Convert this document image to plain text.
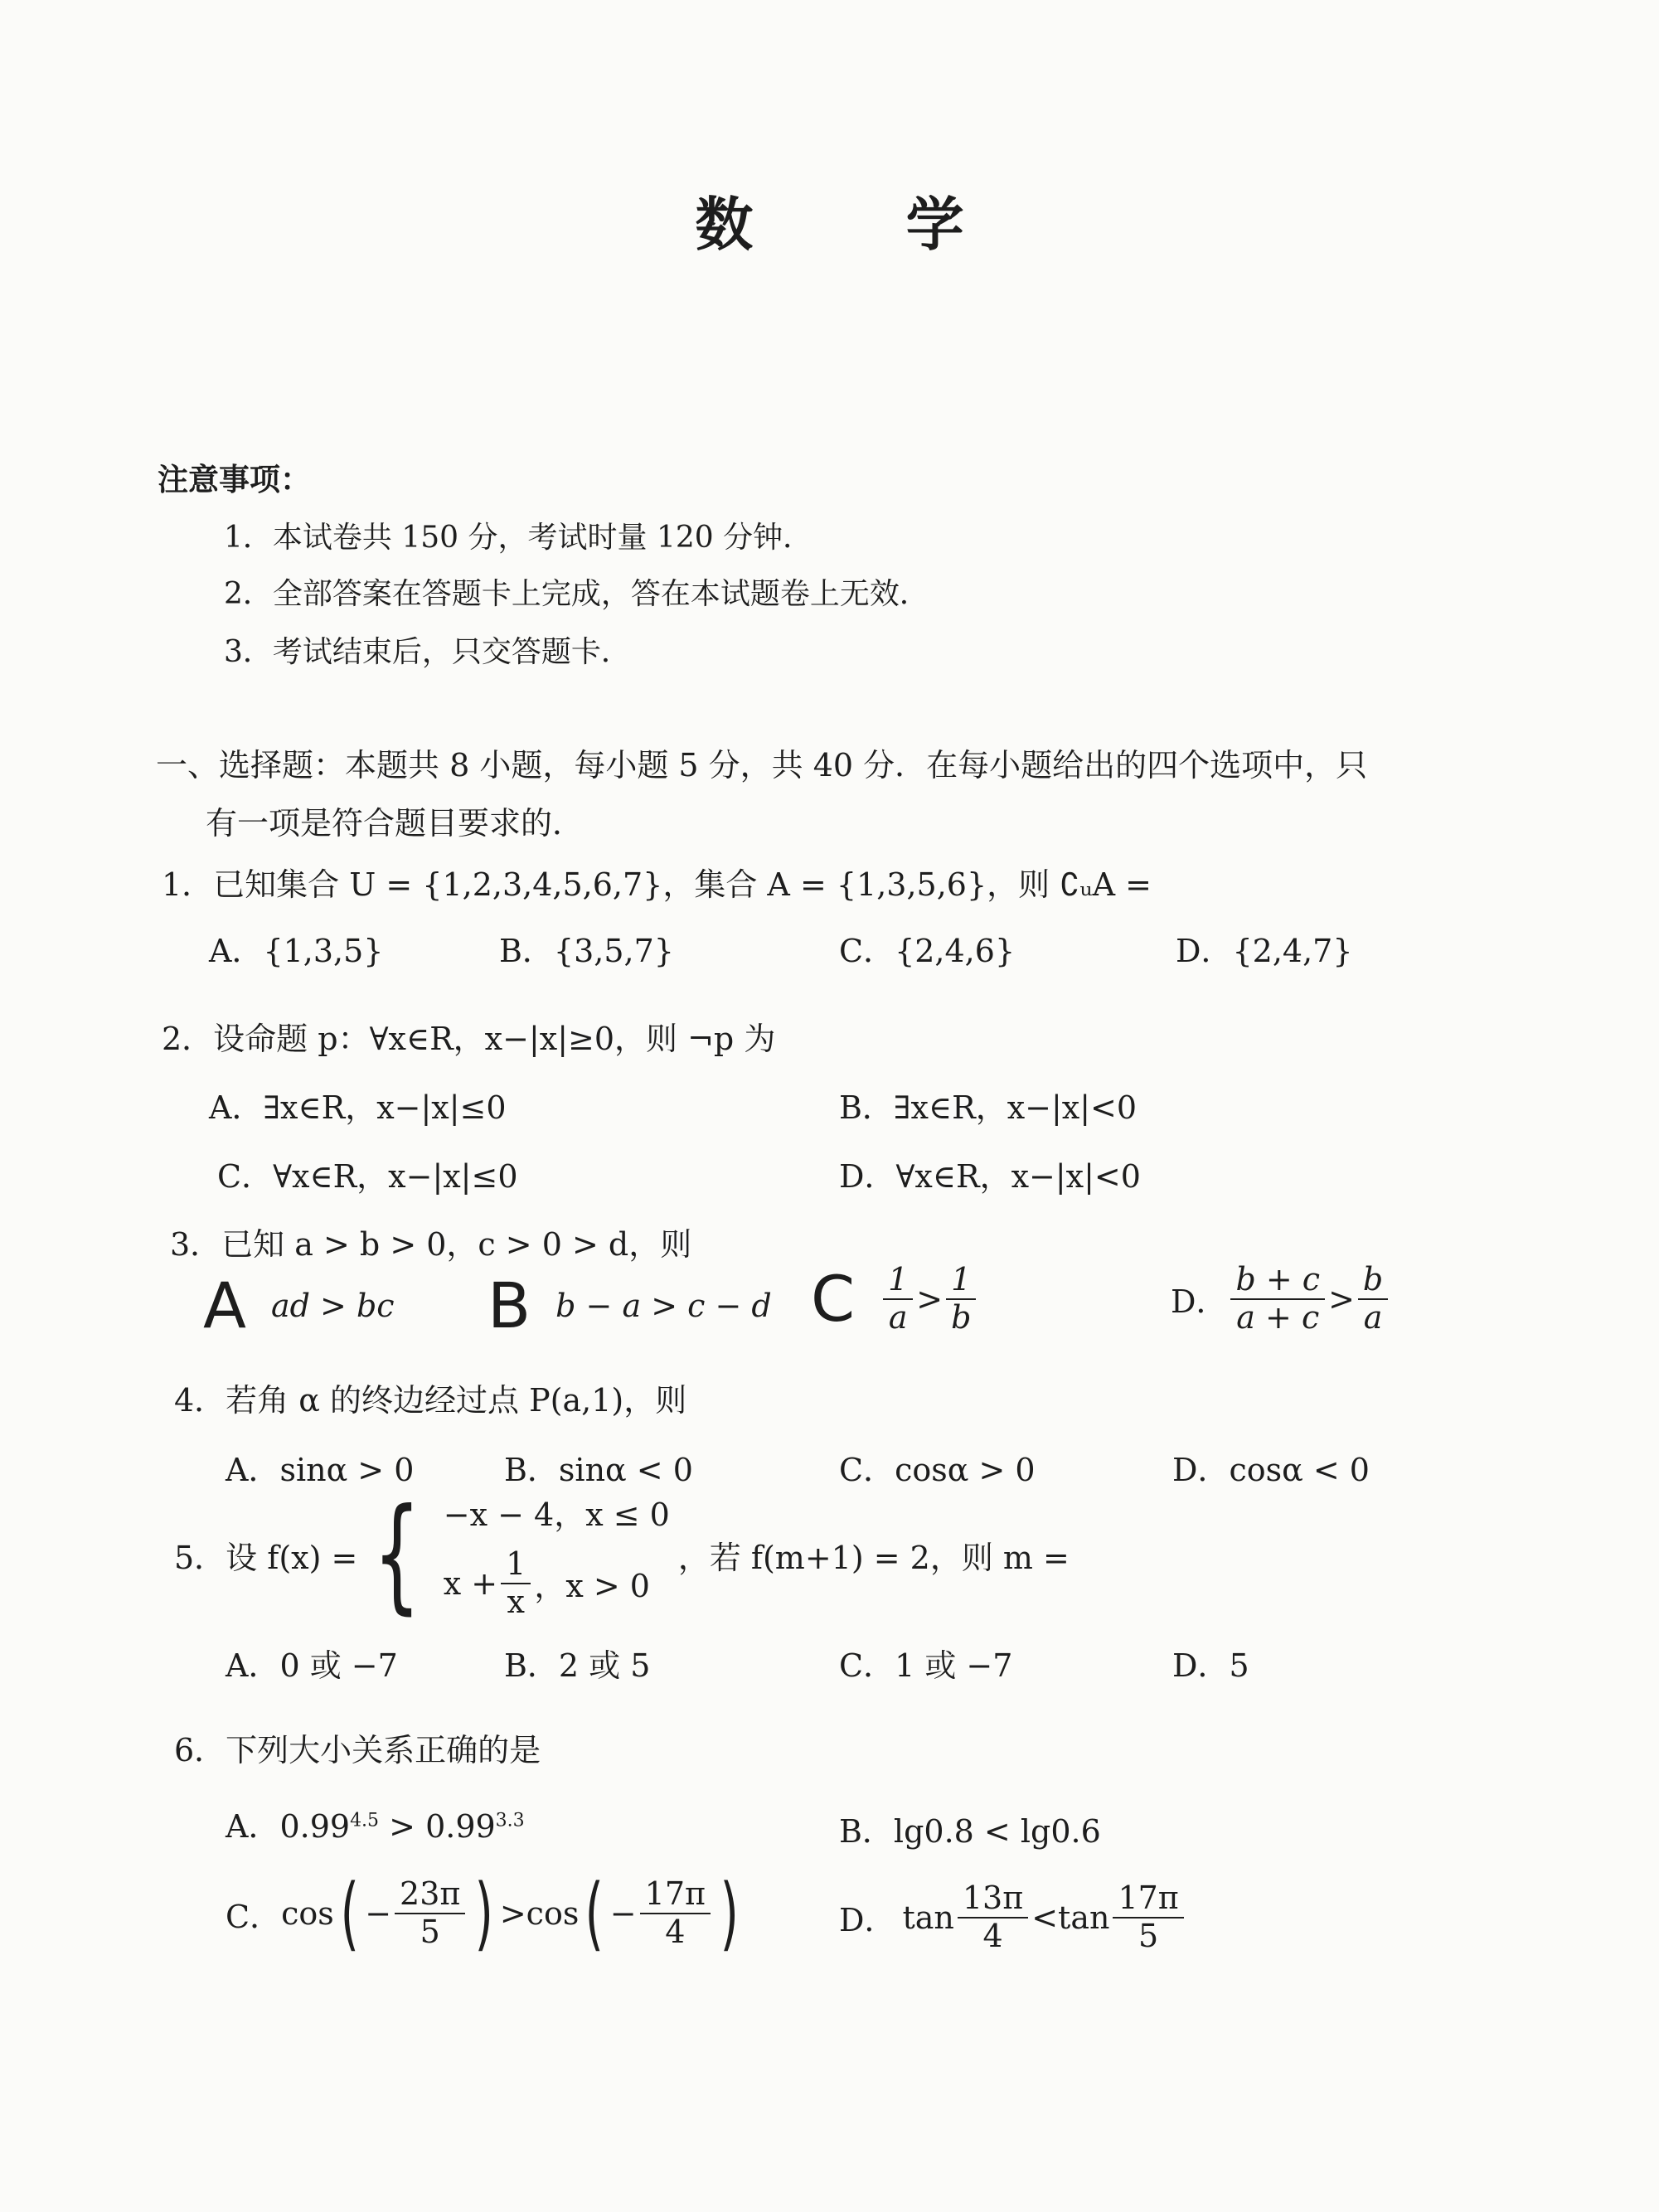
数 学
注意事项：
1．本试卷共 150 分，考试时量 120 分钟．
2．全部答案在答题卡上完成，答在本试题卷上无效．
3．考试结束后，只交答题卡．
一、选择题：本题共 8 小题，每小题 5 分，共 40 分．在每小题给出的四个选项中，只
有一项是符合题目要求的．
1．已知集合 U = {1,2,3,4,5,6,7}，集合 A = {1,3,5,6}，则 ∁ᵤA =
A．{1,3,5}	B．{3,5,7}	C．{2,4,6}	D．{2,4,7}
2．设命题 p：∀x∈R，x−|x|≥0，则 ¬p 为
A．∃x∈R，x−|x|≤0	B．∃x∈R，x−|x|<0
C．∀x∈R，x−|x|≤0	D．∀x∈R，x−|x|<0
3．已知 a > b > 0，c > 0 > d，则
A ad > bc B b − a > c − d C $\frac{1}{a} > \frac{1}{b}$	D． $\frac{b + c}{a + c} > \frac{b}{a}$
4．若角 α 的终边经过点 P(a,1)，则
A．sinα > 0	B．sinα < 0	C．cosα > 0	D．cosα < 0
5．设 f(x) = { −x − 4，x ≤ 0
$x + \frac{1}{x}$ ，x > 0
，若 f(m+1) = 2，则 m =
A．0 或 −7	B．2 或 5	C．1 或 −7	D．5
6．下列大小关系正确的是
A．$0.99^{4.5} > 0.99^{3.3}$	B．lg0.8 < lg0.6
C． cos ( − $\frac{23\pi}{5}$ ) > cos ( − $\frac{17\pi}{4}$ )	D． $\tan \frac{13\pi}{4} < \tan \frac{17\pi}{5}$
